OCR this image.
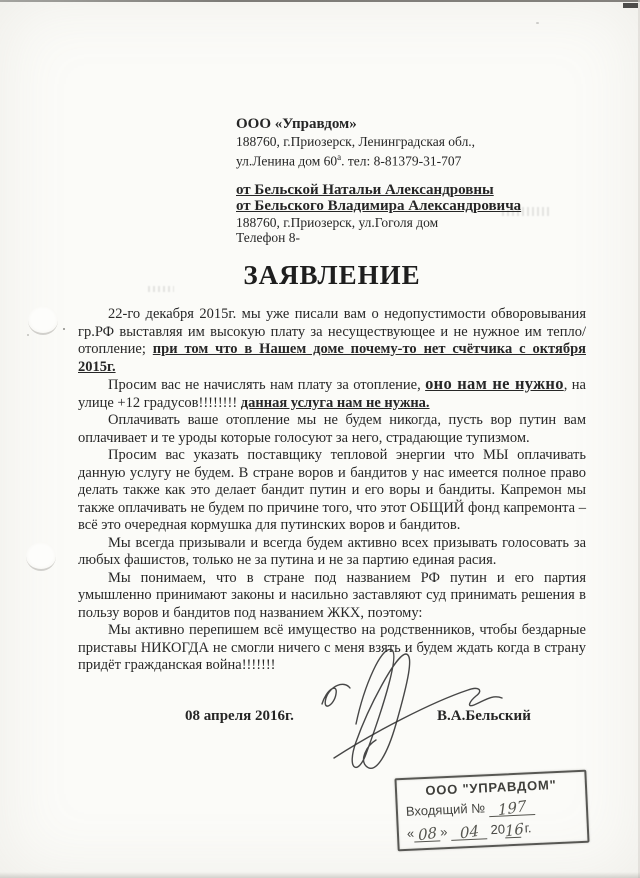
ООО «Управдом»
188760, г.Приозерск, Ленинградская обл.,
ул.Ленина дом $60^а$. тел: 8-81379-31-707
от Бельской Натальи Александровны
от Бельского Владимира Александровича
188760, г.Приозерск, ул.Гоголя дом
Телефон 8-
ЗАЯВЛЕНИЕ

22-го декабря 2015г. мы уже писали вам о недопустимости обворовывания гр.РФ выставляя им высокую плату за несуществующее и не нужное им тепло/отопление; при том что в Нашем доме почему-то нет счётчика с октября 2015г.

Просим вас не начислять нам плату за отопление, оно нам не нужно, на улице +12 градусов!!!!!!!! данная услуга нам не нужна.

Оплачивать ваше отопление мы не будем никогда, пусть вор путин вам оплачивает и те уроды которые голосуют за него, страдающие тупизмом.

Просим вас указать поставщику тепловой энергии что МЫ оплачивать данную услугу не будем. В стране воров и бандитов у нас имеется полное право делать также как это делает бандит путин и его воры и бандиты. Капремон мы также оплачивать не будем по причине того, что этот ОБЩИЙ фонд капремонта – всё это очередная кормушка для путинских воров и бандитов.

Мы всегда призывали и всегда будем активно всех призывать голосовать за любых фашистов, только не за путина и не за партию единая расия.

Мы понимаем, что в стране под названием РФ путин и его партия умышленно принимают законы и насильно заставляют суд принимать решения в пользу воров и бандитов под названием ЖКХ, поэтому:

Мы активно перепишем всё имущество на родственников, чтобы бездарные приставы НИКОГДА не смогли ничего с меня взять и будем ждать когда в страну придёт гражданская война!!!!!!!

08 апреля 2016г.	В.А.Бельский
ООО "УПРАВДОМ"
Входящий № 197
« 08 » 04 2016 г.
